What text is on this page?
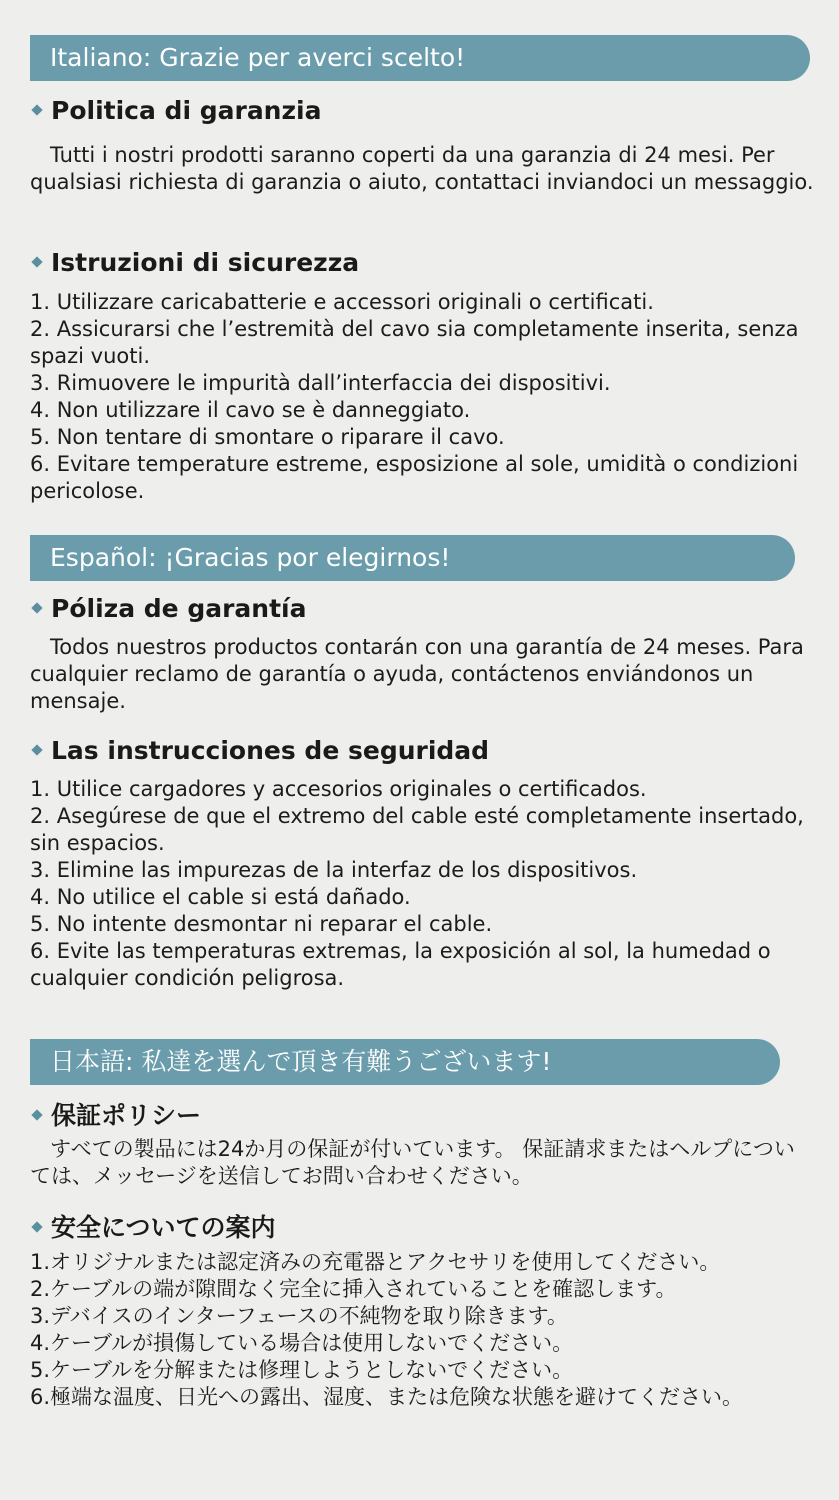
Italiano: Grazie per averci scelto!
Politica di garanzia

Tutti i nostri prodotti saranno coperti da una garanzia di 24 mesi. Per qualsiasi richiesta di garanzia o aiuto, contattaci inviandoci un messaggio.

Istruzioni di sicurezza
1. Utilizzare caricabatterie e accessori originali o certificati.
2. Assicurarsi che l’estremità del cavo sia completamente inserita, senza spazi vuoti.
3. Rimuovere le impurità dall’interfaccia dei dispositivi.
4. Non utilizzare il cavo se è danneggiato.
5. Non tentare di smontare o riparare il cavo.
6. Evitare temperature estreme, esposizione al sole, umidità o condizioni pericolose.
Español: ¡Gracias por elegirnos!
Póliza de garantía

Todos nuestros productos contarán con una garantía de 24 meses. Para cualquier reclamo de garantía o ayuda, contáctenos enviándonos un mensaje.

Las instrucciones de seguridad
1. Utilice cargadores y accesorios originales o certificados.
2. Asegúrese de que el extremo del cable esté completamente insertado, sin espacios.
3. Elimine las impurezas de la interfaz de los dispositivos.
4. No utilice el cable si está dañado.
5. No intente desmontar ni reparar el cable.
6. Evite las temperaturas extremas, la exposición al sol, la humedad o cualquier condición peligrosa.
日本語: 私達を選んで頂き有難うございます!
保証ポリシー

すべての製品には24か月の保証が付いています。 保証請求またはヘルプについては、メッセージを送信してお問い合わせください。

安全についての案内
1.オリジナルまたは認定済みの充電器とアクセサリを使用してください。
2.ケーブルの端が隙間なく完全に挿入されていることを確認します。
3.デバイスのインターフェースの不純物を取り除きます。
4.ケーブルが損傷している場合は使用しないでください。
5.ケーブルを分解または修理しようとしないでください。
6.極端な温度、日光への露出、湿度、または危険な状態を避けてください。
